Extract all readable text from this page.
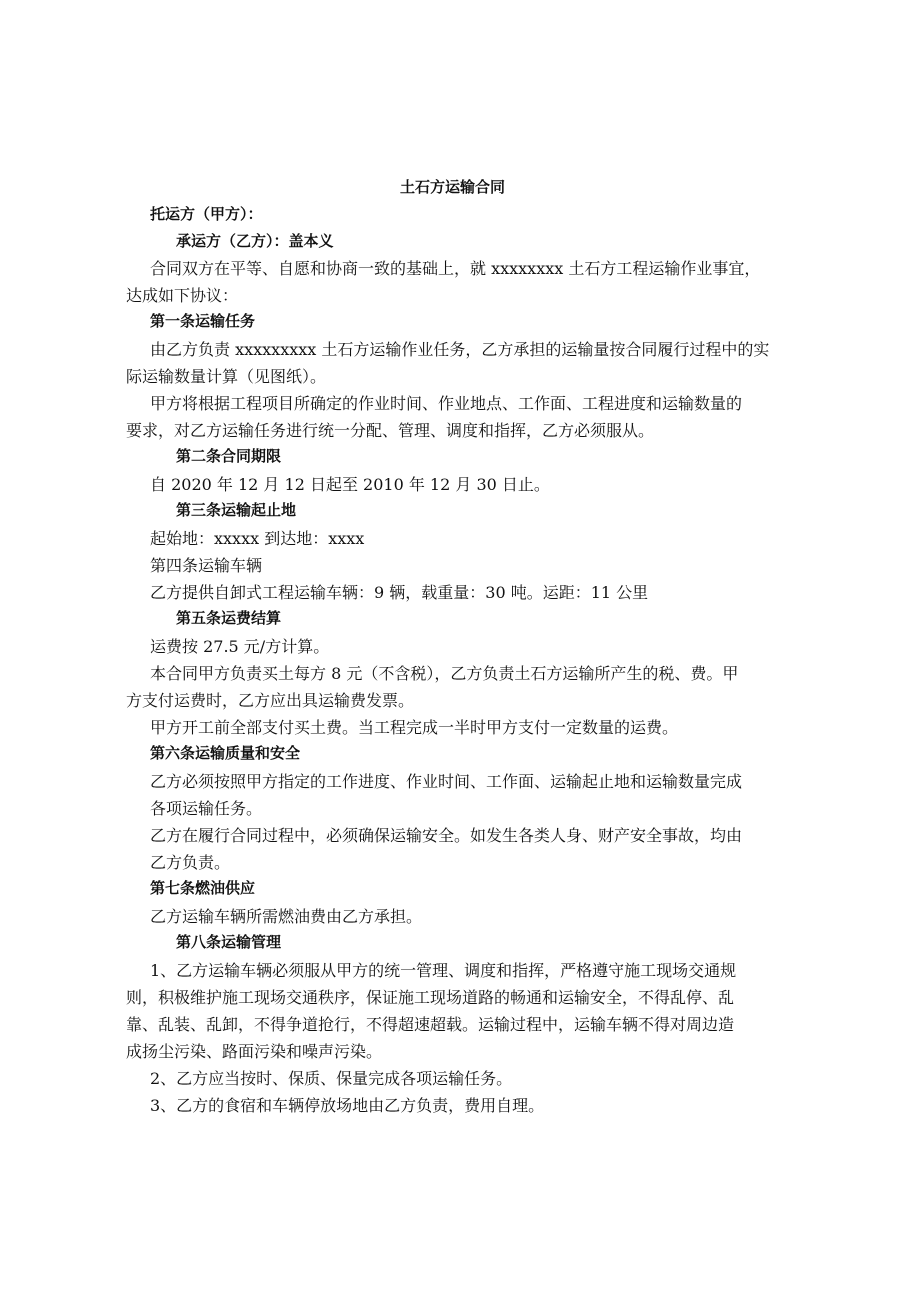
土石方运输合同
托运方（甲方）：
承运方（乙方）：盖本义
合同双方在平等、自愿和协商一致的基础上，就 xxxxxxxx 土石方工程运输作业事宜，
达成如下协议：
第一条运输任务
由乙方负责 xxxxxxxxx 土石方运输作业任务，乙方承担的运输量按合同履行过程中的实
际运输数量计算（见图纸）。
甲方将根据工程项目所确定的作业时间、作业地点、工作面、工程进度和运输数量的
要求，对乙方运输任务进行统一分配、管理、调度和指挥，乙方必须服从。
第二条合同期限
自 2020 年 12 月 12 日起至 2010 年 12 月 30 日止。
第三条运输起止地
起始地：xxxxx 到达地：xxxx
第四条运输车辆
乙方提供自卸式工程运输车辆：9 辆，载重量：30 吨。运距：11 公里
第五条运费结算
运费按 27.5 元/方计算。
本合同甲方负责买土每方 8 元（不含税），乙方负责土石方运输所产生的税、费。甲
方支付运费时，乙方应出具运输费发票。
甲方开工前全部支付买土费。当工程完成一半时甲方支付一定数量的运费。
第六条运输质量和安全
乙方必须按照甲方指定的工作进度、作业时间、工作面、运输起止地和运输数量完成
各项运输任务。
乙方在履行合同过程中，必须确保运输安全。如发生各类人身、财产安全事故，均由
乙方负责。
第七条燃油供应
乙方运输车辆所需燃油费由乙方承担。
第八条运输管理
1、乙方运输车辆必须服从甲方的统一管理、调度和指挥，严格遵守施工现场交通规
则，积极维护施工现场交通秩序，保证施工现场道路的畅通和运输安全，不得乱停、乱
靠、乱装、乱卸，不得争道抢行，不得超速超载。运输过程中，运输车辆不得对周边造
成扬尘污染、路面污染和噪声污染。
2、乙方应当按时、保质、保量完成各项运输任务。
3、乙方的食宿和车辆停放场地由乙方负责，费用自理。
